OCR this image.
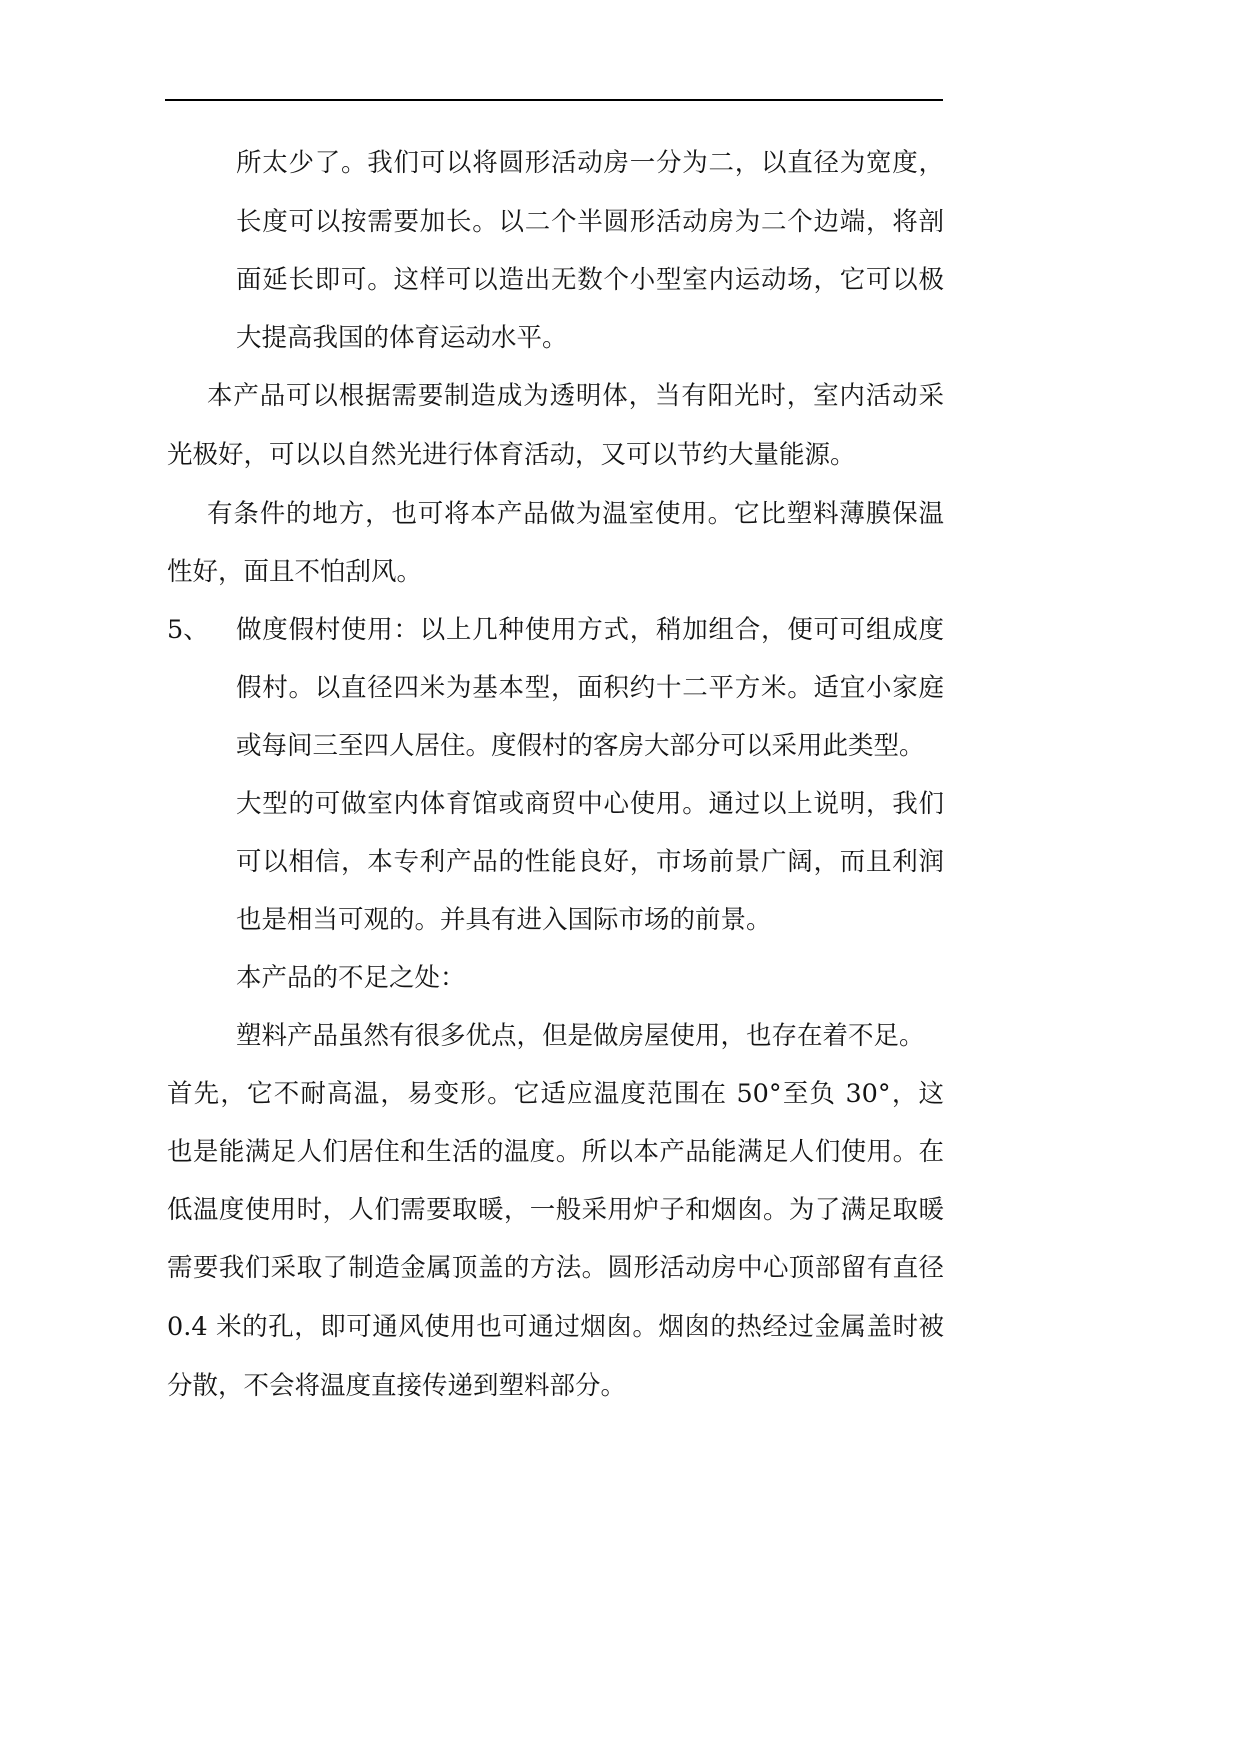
所太少了。我们可以将圆形活动房一分为二，以直径为宽度，
长度可以按需要加长。以二个半圆形活动房为二个边端，将剖
面延长即可。这样可以造出无数个小型室内运动场，它可以极
大提高我国的体育运动水平。
本产品可以根据需要制造成为透明体，当有阳光时，室内活动采
光极好，可以以自然光进行体育活动，又可以节约大量能源。
有条件的地方，也可将本产品做为温室使用。它比塑料薄膜保温
性好，面且不怕刮风。
5、	做度假村使用：以上几种使用方式，稍加组合，便可可组成度
假村。以直径四米为基本型，面积约十二平方米。适宜小家庭
或每间三至四人居住。度假村的客房大部分可以采用此类型。
大型的可做室内体育馆或商贸中心使用。通过以上说明，我们
可以相信，本专利产品的性能良好，市场前景广阔，而且利润
也是相当可观的。并具有进入国际市场的前景。
本产品的不足之处：
塑料产品虽然有很多优点，但是做房屋使用，也存在着不足。
首先，它不耐高温，易变形。它适应温度范围在 50°至负 30°，这
也是能满足人们居住和生活的温度。所以本产品能满足人们使用。在
低温度使用时，人们需要取暖，一般采用炉子和烟囱。为了满足取暖
需要我们采取了制造金属顶盖的方法。圆形活动房中心顶部留有直径
0.4 米的孔，即可通风使用也可通过烟囱。烟囱的热经过金属盖时被
分散，不会将温度直接传递到塑料部分。
